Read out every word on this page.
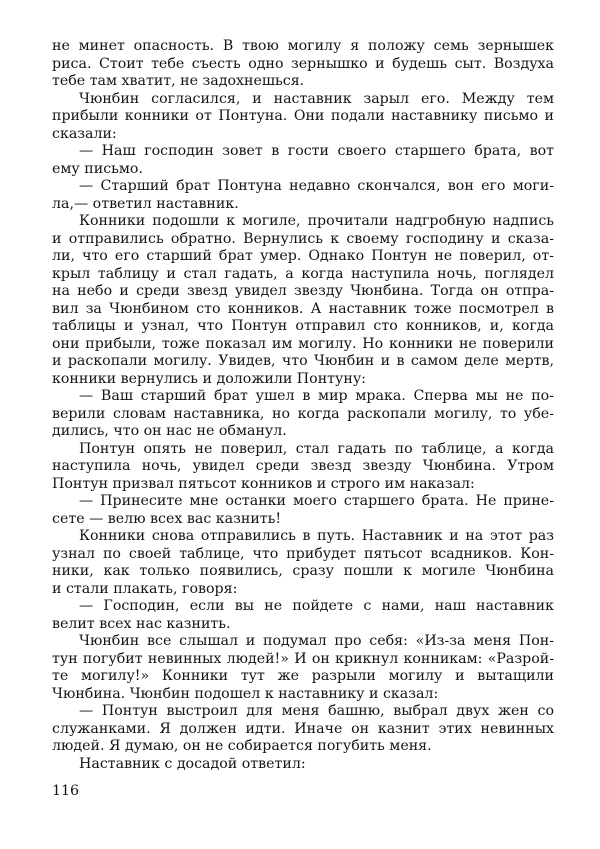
не минет опасность. В твою могилу я положу семь зернышек
риса. Стоит тебе съесть одно зернышко и будешь сыт. Воздуха
тебе там хватит, не задохнешься.
Чюнбин согласился, и наставник зарыл его. Между тем
прибыли конники от Понтуна. Они подали наставнику письмо и
сказали:
— Наш господин зовет в гости своего старшего брата, вот
ему письмо.
— Старший брат Понтуна недавно скончался, вон его моги-
ла,— ответил наставник.
Конники подошли к могиле, прочитали надгробную надпись
и отправились обратно. Вернулись к своему господину и сказа-
ли, что его старший брат умер. Однако Понтун не поверил, от-
крыл таблицу и стал гадать, а когда наступила ночь, поглядел
на небо и среди звезд увидел звезду Чюнбина. Тогда он отпра-
вил за Чюнбином сто конников. А наставник тоже посмотрел в
таблицы и узнал, что Понтун отправил сто конников, и, когда
они прибыли, тоже показал им могилу. Но конники не поверили
и раскопали могилу. Увидев, что Чюнбин и в самом деле мертв,
конники вернулись и доложили Понтуну:
— Ваш старший брат ушел в мир мрака. Сперва мы не по-
верили словам наставника, но когда раскопали могилу, то убе-
дились, что он нас не обманул.
Понтун опять не поверил, стал гадать по таблице, а когда
наступила ночь, увидел среди звезд звезду Чюнбина. Утром
Понтун призвал пятьсот конников и строго им наказал:
— Принесите мне останки моего старшего брата. Не прине-
сете — велю всех вас казнить!
Конники снова отправились в путь. Наставник и на этот раз
узнал по своей таблице, что прибудет пятьсот всадников. Кон-
ники, как только появились, сразу пошли к могиле Чюнбина
и стали плакать, говоря:
— Господин, если вы не пойдете с нами, наш наставник
велит всех нас казнить.
Чюнбин все слышал и подумал про себя: «Из-за меня Пон-
тун погубит невинных людей!» И он крикнул конникам: «Разрой-
те могилу!» Конники тут же разрыли могилу и вытащили
Чюнбина. Чюнбин подошел к наставнику и сказал:
— Понтун выстроил для меня башню, выбрал двух жен со
служанками. Я должен идти. Иначе он казнит этих невинных
людей. Я думаю, он не собирается погубить меня.
Наставник с досадой ответил:
116
